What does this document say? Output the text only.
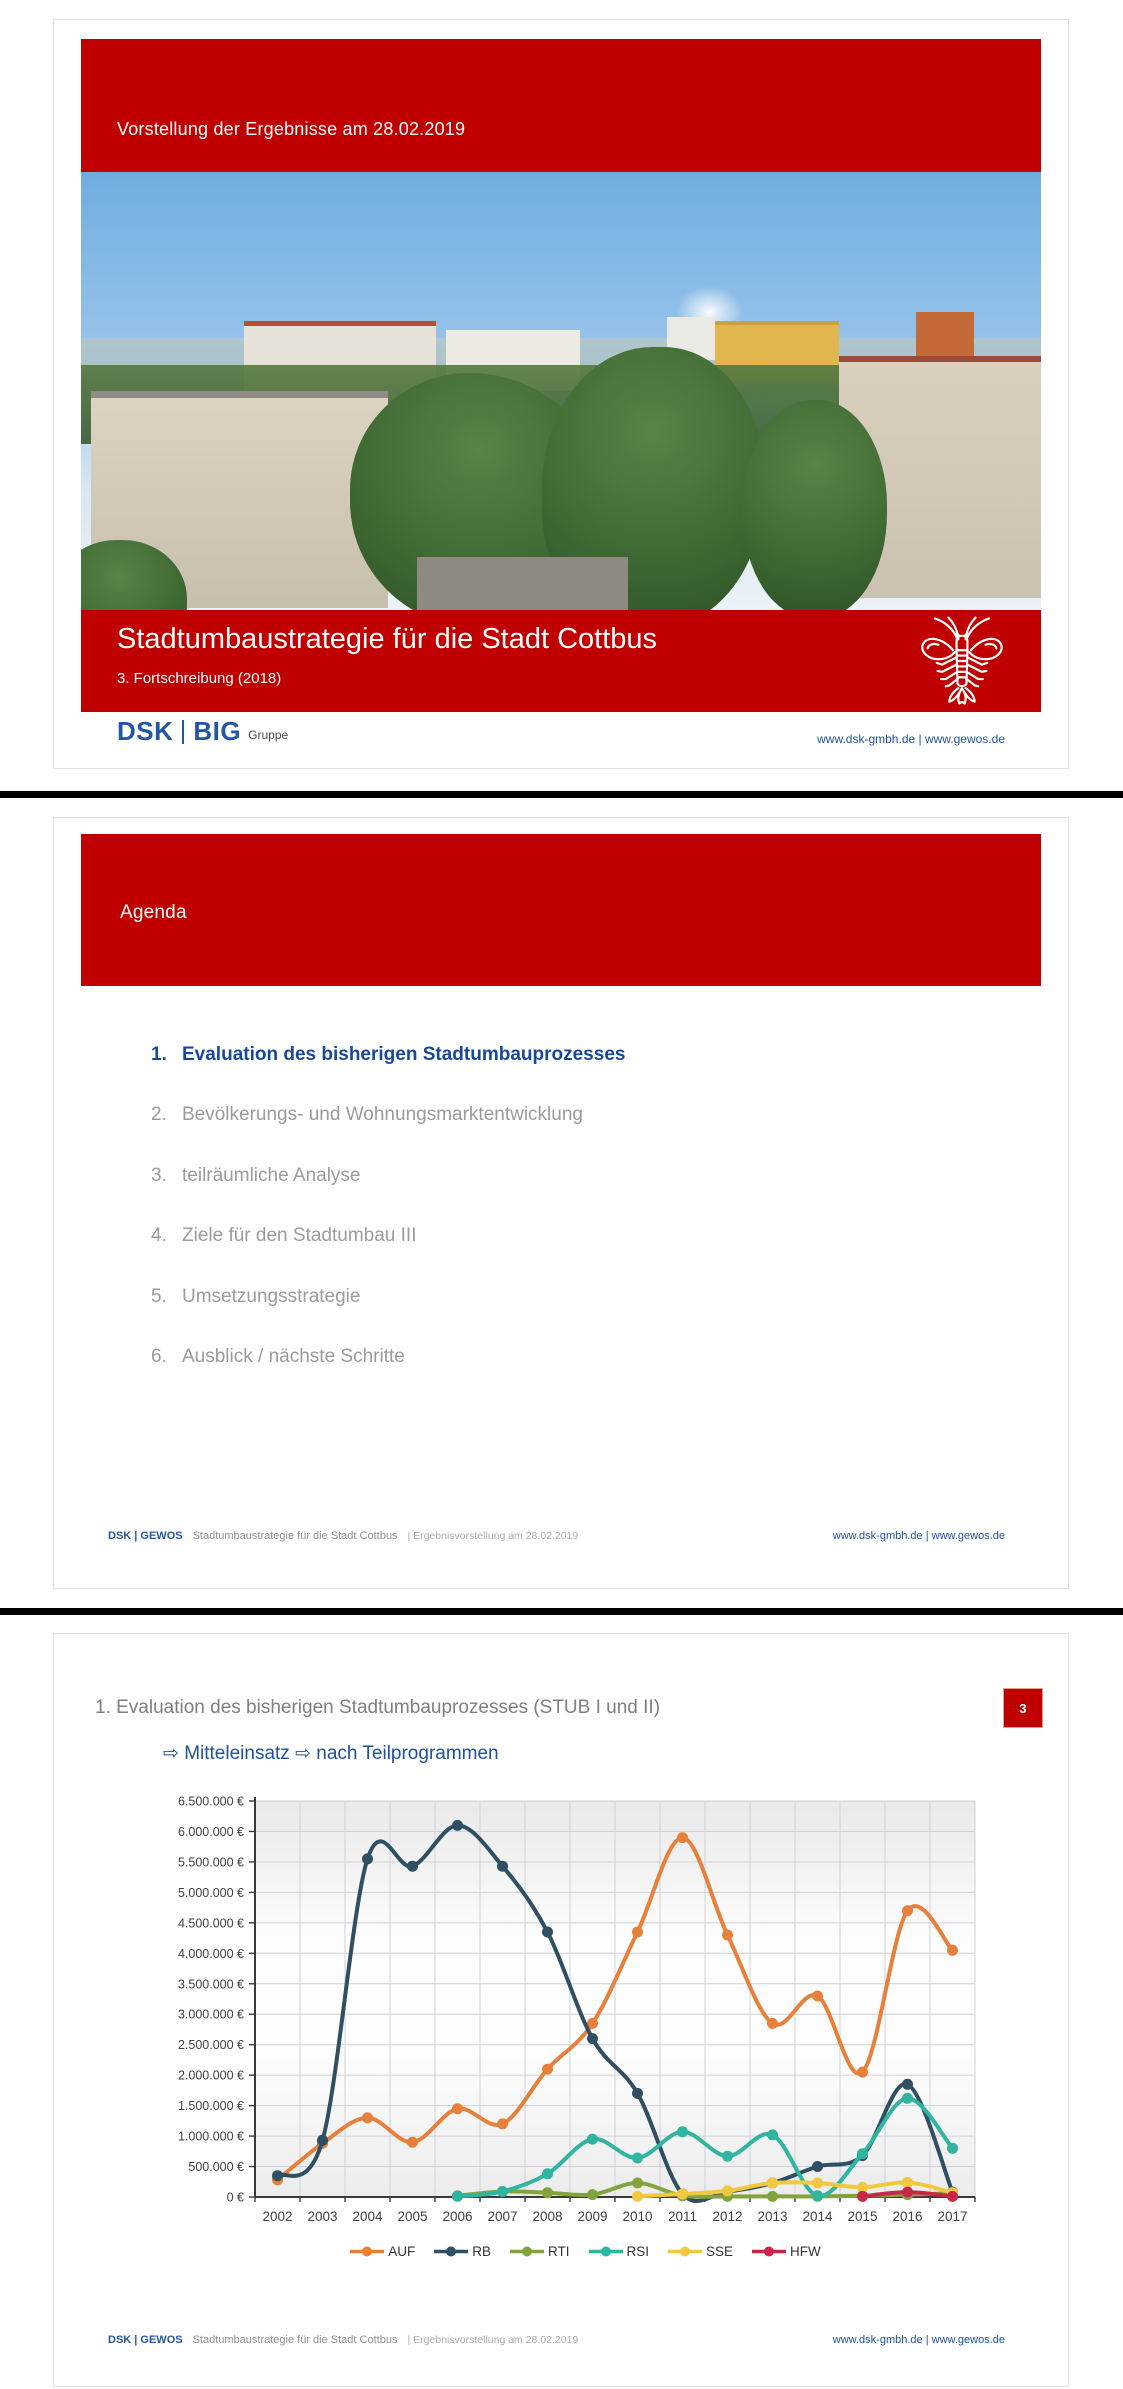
Vorstellung der Ergebnisse am 28.02.2019
Stadtumbaustrategie für die Stadt Cottbus
3. Fortschreibung (2018)
DSK BIG Gruppe	www.dsk-gmbh.de | www.gewos.de
Agenda
1. Evaluation des bisherigen Stadtumbauprozesses
2. Bevölkerungs- und Wohnungsmarktentwicklung
3. teilräumliche Analyse
4. Ziele für den Stadtumbau III
5. Umsetzungsstrategie
6. Ausblick / nächste Schritte
DSK | GEWOS Stadtumbaustrategie für die Stadt Cottbus | Ergebnisvorstellung am 28.02.2019	www.dsk-gmbh.de | www.gewos.de
1. Evaluation des bisherigen Stadtumbauprozesses (STUB I und II)
⇨ Mitteleinsatz ⇨ nach Teilprogrammen
3
0 €
500.000 €
1.000.000 €
1.500.000 €
2.000.000 €
2.500.000 €
3.000.000 €
3.500.000 €
4.000.000 €
4.500.000 €
5.000.000 €
5.500.000 €
6.000.000 €
6.500.000 €
2002 2003 2004 2005 2006 2007 2008 2009 2010 2011 2012 2013 2014 2015 2016 2017
AUF	RB	RTI	RSI	SSE	HFW
DSK | GEWOS Stadtumbaustrategie für die Stadt Cottbus | Ergebnisvorstellung am 28.02.2019	www.dsk-gmbh.de | www.gewos.de
